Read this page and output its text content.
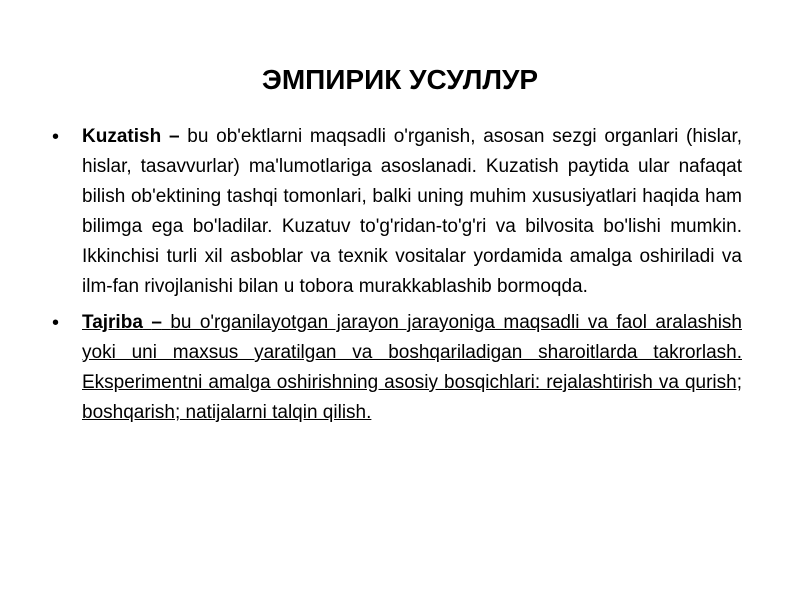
ЭМПИРИК УСУЛЛУР
•	Kuzatish – bu ob'ektlarni maqsadli o'rganish, asosan sezgi organlari (hislar, hislar, tasavvurlar) ma'lumotlariga asoslanadi. Kuzatish paytida ular nafaqat bilish ob'ektining tashqi tomonlari, balki uning muhim xususiyatlari haqida ham bilimga ega bo'ladilar. Kuzatuv to'g'ridan-to'g'ri va bilvosita bo'lishi mumkin. Ikkinchisi turli xil asboblar va texnik vositalar yordamida amalga oshiriladi va ilm-fan rivojlanishi bilan u tobora murakkablashib bormoqda.
•	Tajriba – bu o'rganilayotgan jarayon jarayoniga maqsadli va faol aralashish yoki uni maxsus yaratilgan va boshqariladigan sharoitlarda takrorlash. Eksperimentni amalga oshirishning asosiy bosqichlari: rejalashtirish va qurish; boshqarish; natijalarni talqin qilish.
